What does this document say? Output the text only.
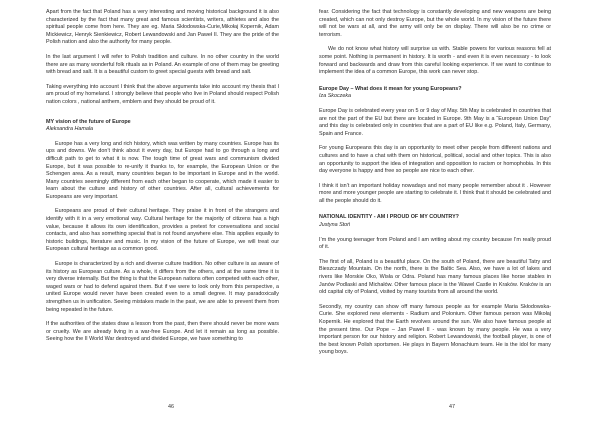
Apart from the fact that Poland has a very interesting and moving historical background it is also characterized by the fact that many great and famous scientists, writers, athletes and also the spiritual people come from here. They are eg. Maria Skłodowska-Curie,Mikołaj Kopernik, Adam Mickiewicz, Henryk Sienkiewicz, Robert Lewandowski and Jan Paweł II. They are the pride of the Polish nation and also the authority for many people.

In the last argument I will refer to Polish tradition and culture. In no other country in the world there are as many wonderful folk rituals as in Poland. An example of one of them may be greeting with bread and salt. It is a beautiful custom to greet special guests with bread and salt.

Taking everything into account I think that the above arguments take into account my thesis that I am proud of my homeland. I strongly believe that people who live in Poland should respect Polish nation colors , national anthem, emblem and they should be proud of it.

MY vision of the future of Europe

Aleksandra Hamala

Europe has a very long and rich history, which was written by many countries. Europe has its ups and downs. We don’t think about it every day, but Europe had to go through a long and difficult path to get to what it is now. The tough time of great wars and communism divided Europe, but it was possible to re-unify it thanks to, for example, the European Union or the Schengen area. As a result, many countries began to be important in Europe and in the world. Many countries seemingly different from each other began to cooperate, which made it easier to learn about the culture and history of other countries. After all, cultural achievements for Europeans are very important.

Europeans are proud of their cultural heritage. They praise it in front of the strangers and identify with it in a very emotional way. Cultural heritage for the majority of citizens has a high value, because it allows its own identification, provides a pretext for conversations and social contacts, and also has something special that is not found anywhere else. This applies equally to historic buildings, literature and music. In my vision of the future of Europe, we will treat our European cultural heritage as a common good.

Europe is characterized by a rich and diverse culture tradition. No other culture is as aware of its history as European culture. As a whole, it differs from the others, and at the same time it is very diverse internally. But the thing is that the European nations often competed with each other, waged wars or had to defend against them. But if we were to look only from this perspective, a united Europe would never have been created even to a small degree. It may paradoxically strengthen us in unification. Seeing mistakes made in the past, we are able to prevent them from being repeated in the future.

If the authorities of the states draw a lesson from the past, then there should never be more wars or cruelty. We are already living in a war-free Europe. And let it remain as long as possible. Seeing how the II World War destroyed and divided Europe, we have something to

46

fear. Considering the fact that technology is constantly developing and new weapons are being created, which can not only destroy Europe, but the whole world. In my vision of the future there will not be wars at all, and the army will only be on display. There will also be no crime or terrorism.

We do not know what history will surprise us with. Stable powers for various reasons fell at some point. Nothing is permanent in history. It is worth - and even it is even necessary - to look forward and backwards and draw from this careful looking experience. If we want to continue to implement the idea of a common Europe, this work can never stop.

Europe Day – What does it mean for young Europeans?

Iza Skoczeka

Europe Day is celebrated every year on 5 or 9 day of May. 5th May is celebrated in countries that are not the part of the EU but there are located in Europe. 9th May is a “European Union Day” and this day is celebrated only in countries that are a part of EU like e.g. Poland, Italy, Germany, Spain and France.

For young Europeans this day is an opportunity to meet other people from different nations and cultures and to have a chat with them on historical, political, social and other topics. This is also an opportunity to support the idea of integration and opposition to racism or homophobia. In this day everyone is happy and free so people are nice to each other.

I think it isn’t an important holiday nowadays and not many people remember about it . However more and more younger people are starting to celebrate it. I think that it should be celebrated and all the people should do it.

NATIONAL IDENTITY - AM I PROUD OF MY COUNTRY?

Justyna Stoń

I’m the young teenager from Poland and I am writing about my country because I’m really proud of it.

The first of all, Poland is a beautiful place. On the south of Poland, there are beautiful Tatry and Bieszczady Mountain. On the north, there is the Baltic Sea. Also, we have a lot of lakes and rivers like Morskie Oko, Wisła or Odra. Poland has many famous places like horse stables in Janów Podlaski and Michałów. Other famous place is the Wawel Castle in Kraków. Kraków is an old capital city of Poland, visited by many tourists from all around the world.

Secondly, my country can show off many famous people as for example Maria Skłodowska-Curie. She explored new elements - Radium and Polonium. Other famous person was Mikołaj Kopernik. He explored that the Earth revolves around the sun. We also have famous people at the present time. Our Pope – Jan Paweł II - was known by many people. He was a very important person for our history and religion. Robert Lewandowski, the football player, is one of the best known Polish sportsmen. He plays in Bayern Monachium team. He is the idol for many young boys.

47
